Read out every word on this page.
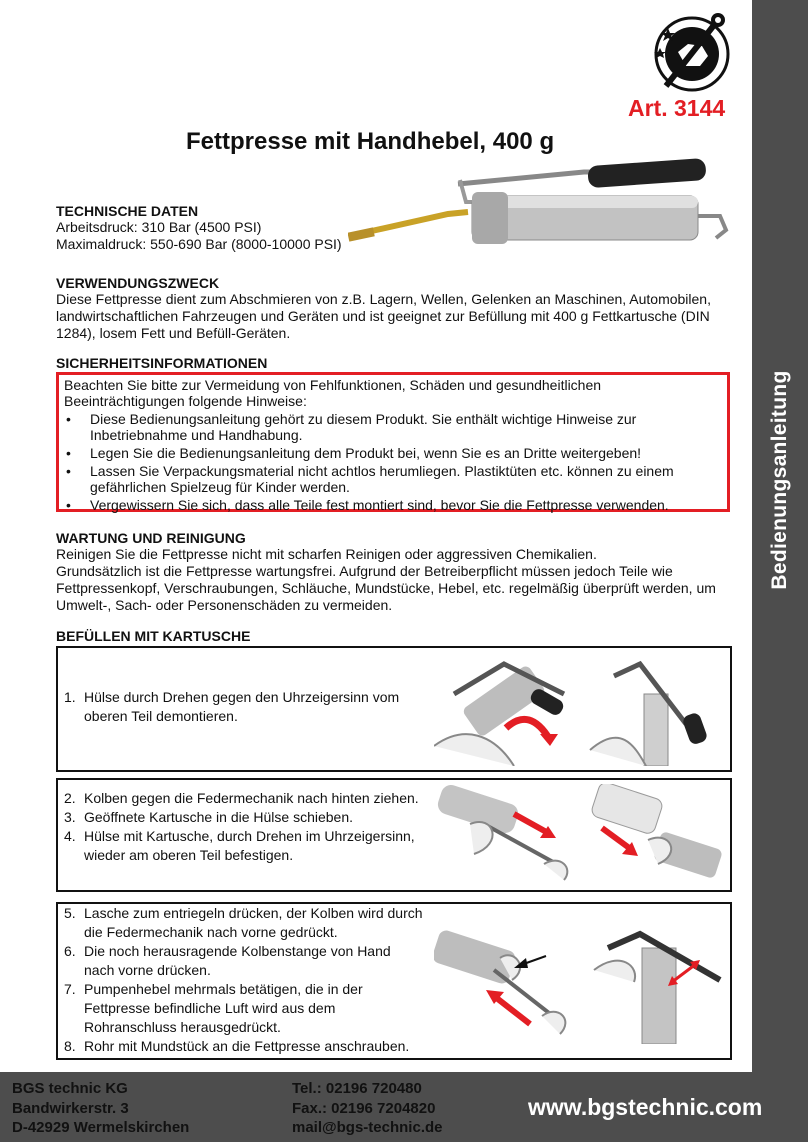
Bedienungsanleitung
Art. 3144
Fettpresse mit Handhebel, 400 g
TECHNISCHE DATEN
Arbeitsdruck: 310 Bar (4500 PSI)
Maximaldruck: 550-690 Bar (8000-10000 PSI)
VERWENDUNGSZWECK
Diese Fettpresse dient zum Abschmieren von z.B. Lagern, Wellen, Gelenken an Maschinen, Automobilen,
landwirtschaftlichen Fahrzeugen und Geräten und ist geeignet zur Befüllung mit 400 g Fettkartusche (DIN
1284), losem Fett und Befüll-Geräten.
SICHERHEITSINFORMATIONEN
Beachten Sie bitte zur Vermeidung von Fehlfunktionen, Schäden und gesundheitlichen
Beeinträchtigungen folgende Hinweise:
• Diese Bedienungsanleitung gehört zu diesem Produkt. Sie enthält wichtige Hinweise zur Inbetriebnahme und Handhabung.
• Legen Sie die Bedienungsanleitung dem Produkt bei, wenn Sie es an Dritte weitergeben!
• Lassen Sie Verpackungsmaterial nicht achtlos herumliegen. Plastiktüten etc. können zu einem gefährlichen Spielzeug für Kinder werden.
• Vergewissern Sie sich, dass alle Teile fest montiert sind, bevor Sie die Fettpresse verwenden.
WARTUNG UND REINIGUNG
Reinigen Sie die Fettpresse nicht mit scharfen Reinigen oder aggressiven Chemikalien.
Grundsätzlich ist die Fettpresse wartungsfrei. Aufgrund der Betreiberpflicht müssen jedoch Teile wie
Fettpressenkopf, Verschraubungen, Schläuche, Mundstücke, Hebel, etc. regelmäßig überprüft werden, um
Umwelt-, Sach- oder Personenschäden zu vermeiden.
BEFÜLLEN MIT KARTUSCHE
1. Hülse durch Drehen gegen den Uhrzeigersinn vom oberen Teil demontieren.
2. Kolben gegen die Federmechanik nach hinten ziehen.
3. Geöffnete Kartusche in die Hülse schieben.
4. Hülse mit Kartusche, durch Drehen im Uhrzeigersinn, wieder am oberen Teil befestigen.
5. Lasche zum entriegeln drücken, der Kolben wird durch die Federmechanik nach vorne gedrückt.
6. Die noch herausragende Kolbenstange von Hand nach vorne drücken.
7. Pumpenhebel mehrmals betätigen, die in der Fettpresse befindliche Luft wird aus dem Rohranschluss herausgedrückt.
8. Rohr mit Mundstück an die Fettpresse anschrauben.
BGS technic KG
Bandwirkerstr. 3
D-42929 Wermelskirchen
Tel.: 02196 720480
Fax.: 02196 7204820
mail@bgs-technic.de
www.bgstechnic.com
